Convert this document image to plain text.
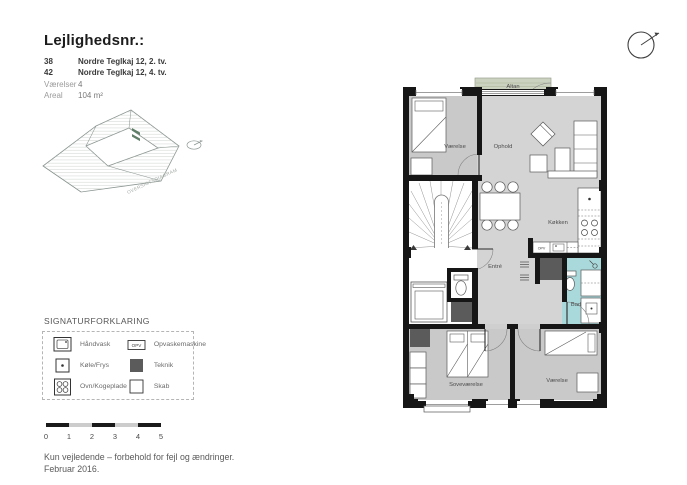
Lejlighedsnr.:
38	Nordre Teglkaj 12, 2. tv.
42	Nordre Teglkaj 12, 4. tv.
Værelser 4
Areal 104 m²
OVERSIGTSDIAGRAM
SIGNATURFORKLARING
Håndvask
Køle/Frys
Ovn/Kogeplade
OPV Opvaskemaskine
Teknik
Skab
0	1	2	3	4	5
Kun vejledende – forbehold for fejl og ændringer.
Februar 2016.
OPV
Altan
Værelse	Ophold
Køkken
Entré
Bad
Soveværelse
Værelse
